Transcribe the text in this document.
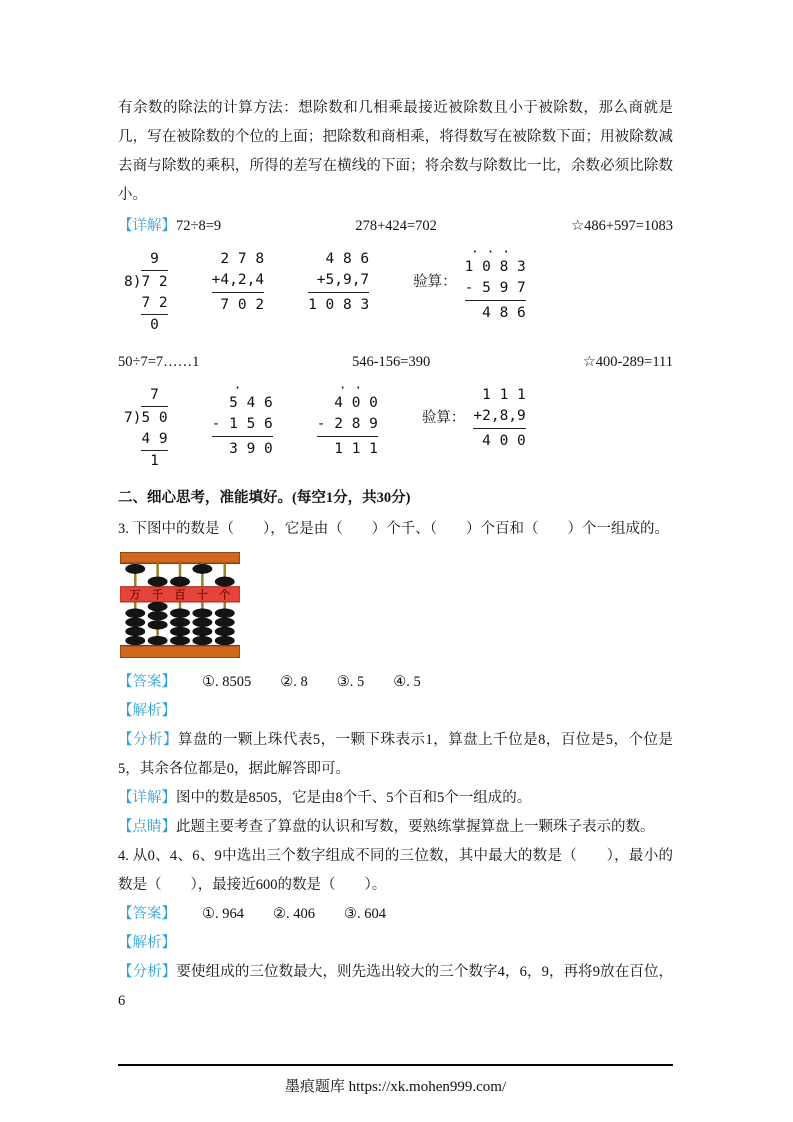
有余数的除法的计算方法：想除数和几相乘最接近被除数且小于被除数，那么商就是几，写在被除数的个位的上面；把除数和商相乘，将得数写在被除数下面；用被除数减去商与除数的乘积，所得的差写在横线的下面；将余数与除数比一比，余数必须比除数小。

【详解】72÷8=9	278+424=702	☆486+597=1083
9
8)7 2
7 2
0
2 7 8
+4,2,4
7 0 2
4 8 6
+5,9,7
1 0 8 3
验算：
· · ·
1 0 8 3
- 5 9 7
4 8 6
50÷7=7……1	546-156=390	☆400-289=111
7
7)5 0
4 9
1
·
5 4 6
- 1 5 6
3 9 0
· ·
4 0 0
- 2 8 9
1 1 1
验算：
1 1 1
+2,8,9
4 0 0

二、细心思考，准能填好。(每空1分，共30分)

3. 下图中的数是（　　），它是由（　　）个千、（　　）个百和（　　）个一组成的。

万 千 百 十 个

【答案】 ①. 8505　　②. 8　　③. 5　　④. 5

【解析】

【分析】算盘的一颗上珠代表5，一颗下珠表示1，算盘上千位是8，百位是5，个位是5，其余各位都是0，据此解答即可。

【详解】图中的数是8505，它是由8个千、5个百和5个一组成的。

【点睛】此题主要考查了算盘的认识和写数，要熟练掌握算盘上一颗珠子表示的数。

4. 从0、4、6、9中选出三个数字组成不同的三位数，其中最大的数是（　　），最小的数是（　　），最接近600的数是（　　）。

【答案】 ①. 964　　②. 406　　③. 604

【解析】

【分析】要使组成的三位数最大，则先选出较大的三个数字4，6，9，再将9放在百位，6

墨痕题库 https://xk.mohen999.com/
